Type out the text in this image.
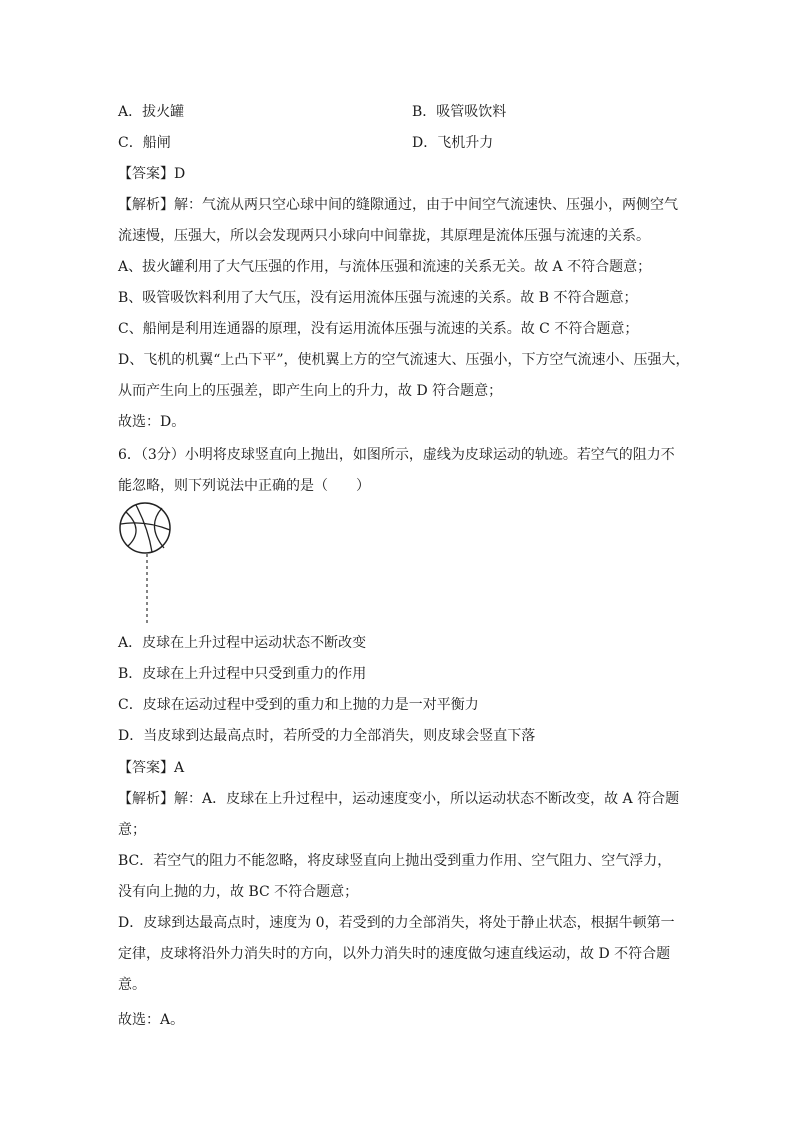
A．拔火罐	B．吸管吸饮料
C．船闸	D．飞机升力
【答案】D
【解析】解：气流从两只空心球中间的缝隙通过，由于中间空气流速快、压强小，两侧空气
流速慢，压强大，所以会发现两只小球向中间靠拢，其原理是流体压强与流速的关系。
A、拔火罐利用了大气压强的作用，与流体压强和流速的关系无关。故 A 不符合题意；
B、吸管吸饮料利用了大气压，没有运用流体压强与流速的关系。故 B 不符合题意；
C、船闸是利用连通器的原理，没有运用流体压强与流速的关系。故 C 不符合题意；
D、飞机的机翼“上凸下平”，使机翼上方的空气流速大、压强小，下方空气流速小、压强大，
从而产生向上的压强差，即产生向上的升力，故 D 符合题意；
故选：D。
6．（3分）小明将皮球竖直向上抛出，如图所示，虚线为皮球运动的轨迹。若空气的阻力不
能忽略，则下列说法中正确的是（　　）
A．皮球在上升过程中运动状态不断改变
B．皮球在上升过程中只受到重力的作用
C．皮球在运动过程中受到的重力和上抛的力是一对平衡力
D．当皮球到达最高点时，若所受的力全部消失，则皮球会竖直下落
【答案】A
【解析】解：A．皮球在上升过程中，运动速度变小，所以运动状态不断改变，故 A 符合题
意；
BC．若空气的阻力不能忽略，将皮球竖直向上抛出受到重力作用、空气阻力、空气浮力，
没有向上抛的力，故 BC 不符合题意；
D．皮球到达最高点时，速度为 0，若受到的力全部消失，将处于静止状态，根据牛顿第一
定律，皮球将沿外力消失时的方向，以外力消失时的速度做匀速直线运动，故 D 不符合题
意。
故选：A。
